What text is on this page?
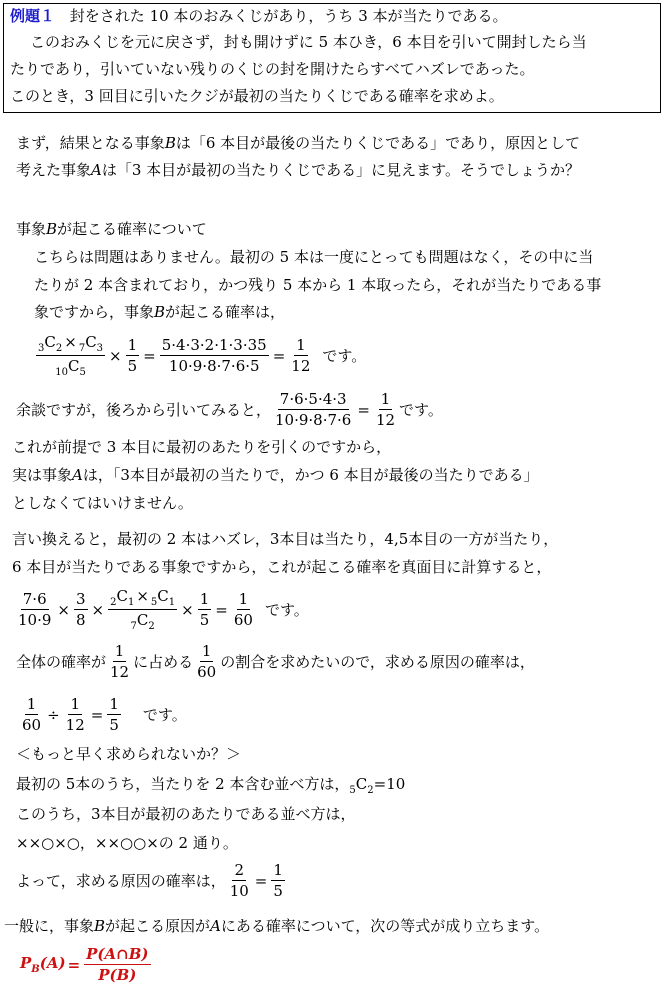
例題１ 封をされた 10 本のおみくじがあり，うち 3 本が当たりである。
このおみくじを元に戻さず，封も開けずに 5 本ひき，6 本目を引いて開封したら当
たりであり，引いていない残りのくじの封を開けたらすべてハズレであった。
このとき，3 回目に引いたクジが最初の当たりくじである確率を求めよ。
まず，結果となる事象Bは「6 本目が最後の当たりくじである」であり，原因として
考えた事象Aは「3 本目が最初の当たりくじである」に見えます。そうでしょうか？
事象Bが起こる確率について
こちらは問題はありません。最初の 5 本は一度にとっても問題はなく，その中に当
たりが 2 本含まれており，かつ残り 5 本から 1 本取ったら，それが当たりである事
象ですから，事象Bが起こる確率は，
$\frac{_3C_2 \times _7C_3}{_{10}C_5} \times \frac{1}{5} = \frac{5\cdot 4\cdot 3\cdot 2\cdot 1\cdot 3\cdot 35}{10\cdot 9\cdot 8\cdot 7\cdot 6\cdot 5} = \frac{1}{12}$ です。
余談ですが，後ろから引いてみると， $\frac{7\cdot 6\cdot 5\cdot 4\cdot 3}{10\cdot 9\cdot 8\cdot 7\cdot 6} = \frac{1}{12}$ です。
これが前提で 3 本目に最初のあたりを引くのですから，
実は事象Aは，「3本目が最初の当たりで，かつ 6 本目が最後の当たりである」
としなくてはいけません。
言い換えると，最初の 2 本はハズレ，3本目は当たり，4,5本目の一方が当たり，
6 本目が当たりである事象ですから，これが起こる確率を真面目に計算すると，
$\frac{7\cdot 6}{10\cdot 9} \times \frac{3}{8} \times \frac{_2C_1 \times _5C_1}{_7C_2} \times \frac{1}{5} = \frac{1}{60}$ です。
全体の確率が $\frac{1}{12}$ に占める $\frac{1}{60}$ の割合を求めたいので，求める原因の確率は，
$\frac{1}{60} \div \frac{1}{12} = \frac{1}{5}$ です。
＜もっと早く求められないか？＞
最初の 5本のうち，当たりを 2 本含む並べ方は，$_5C_2=10$
このうち，3本目が最初のあたりである並べ方は，
××○×○，××○○×の 2 通り。
よって，求める原因の確率は， $\frac{2}{10} = \frac{1}{5}$
一般に，事象Bが起こる原因がAにある確率について，次の等式が成り立ちます。
$P_B(A) = \frac{P(A\cap B)}{P(B)}$
